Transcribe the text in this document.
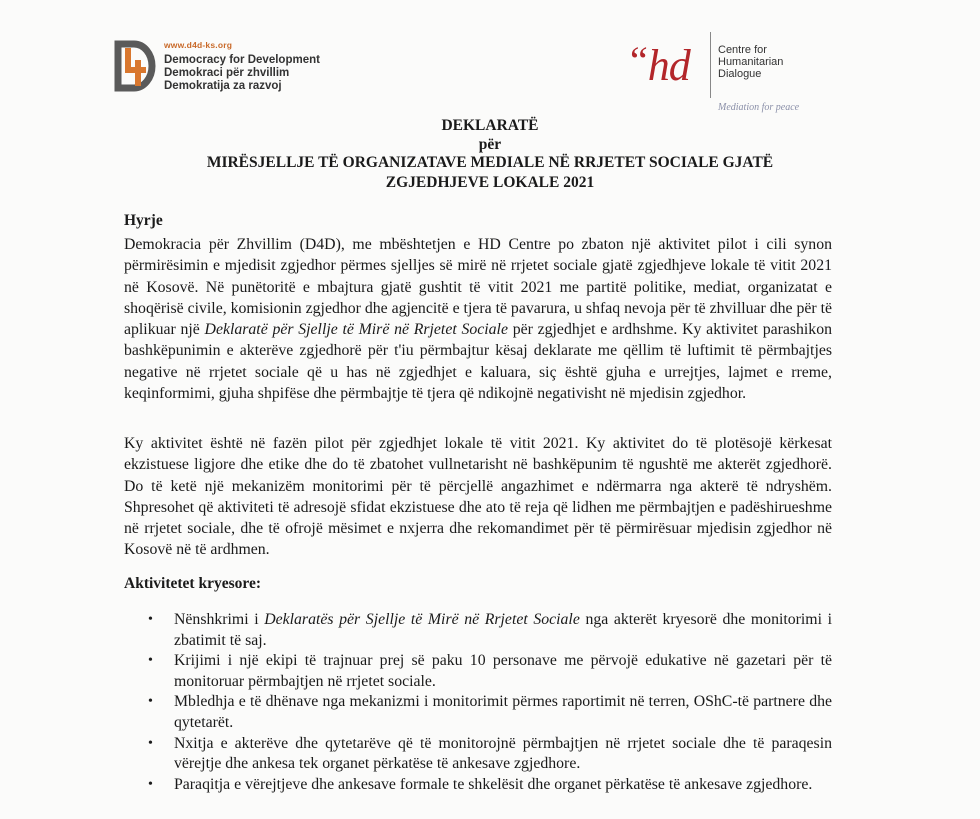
www.d4d-ks.org
Democracy for Development
Demokraci për zhvillim
Demokratija za razvoj
“hd	Centre for
Humanitarian
Dialogue
Mediation for peace
DEKLARATË
për
MIRËSJELLJE TË ORGANIZATAVE MEDIALE NË RRJETET SOCIALE GJATË
ZGJEDHJEVE LOKALE 2021
Hyrje

Demokracia për Zhvillim (D4D), me mbështetjen e HD Centre po zbaton një aktivitet pilot i cili synon përmirësimin e mjedisit zgjedhor përmes sjelljes së mirë në rrjetet sociale gjatë zgjedhjeve lokale të vitit 2021 në Kosovë. Në punëtoritë e mbajtura gjatë gushtit të vitit 2021 me partitë politike, mediat, organizatat e shoqërisë civile, komisionin zgjedhor dhe agjencitë e tjera të pavarura, u shfaq nevoja për të zhvilluar dhe për të aplikuar një Deklaratë për Sjellje të Mirë në Rrjetet Sociale për zgjedhjet e ardhshme. Ky aktivitet parashikon bashkëpunimin e akterëve zgjedhorë për t'iu përmbajtur kësaj deklarate me qëllim të luftimit të përmbajtjes negative në rrjetet sociale që u has në zgjedhjet e kaluara, siç është gjuha e urrejtjes, lajmet e rreme, keqinformimi, gjuha shpifëse dhe përmbajtje të tjera që ndikojnë negativisht në mjedisin zgjedhor.

Ky aktivitet është në fazën pilot për zgjedhjet lokale të vitit 2021. Ky aktivitet do të plotësojë kërkesat ekzistuese ligjore dhe etike dhe do të zbatohet vullnetarisht në bashkëpunim të ngushtë me akterët zgjedhorë. Do të ketë një mekanizëm monitorimi për të përcjellë angazhimet e ndërmarra nga akterë të ndryshëm. Shpresohet që aktiviteti të adresojë sfidat ekzistuese dhe ato të reja që lidhen me përmbajtjen e padëshirueshme në rrjetet sociale, dhe të ofrojë mësimet e nxjerra dhe rekomandimet për të përmirësuar mjedisin zgjedhor në Kosovë në të ardhmen.

Aktivitetet kryesore:
• Nënshkrimi i Deklaratës për Sjellje të Mirë në Rrjetet Sociale nga akterët kryesorë dhe monitorimi i zbatimit të saj.
• Krijimi i një ekipi të trajnuar prej së paku 10 personave me përvojë edukative në gazetari për të monitoruar përmbajtjen në rrjetet sociale.
• Mbledhja e të dhënave nga mekanizmi i monitorimit përmes raportimit në terren, OShC-të partnere dhe qytetarët.
• Nxitja e akterëve dhe qytetarëve që të monitorojnë përmbajtjen në rrjetet sociale dhe të paraqesin vërejtje dhe ankesa tek organet përkatëse të ankesave zgjedhore.
• Paraqitja e vërejtjeve dhe ankesave formale te shkelësit dhe organet përkatëse të ankesave zgjedhore.
